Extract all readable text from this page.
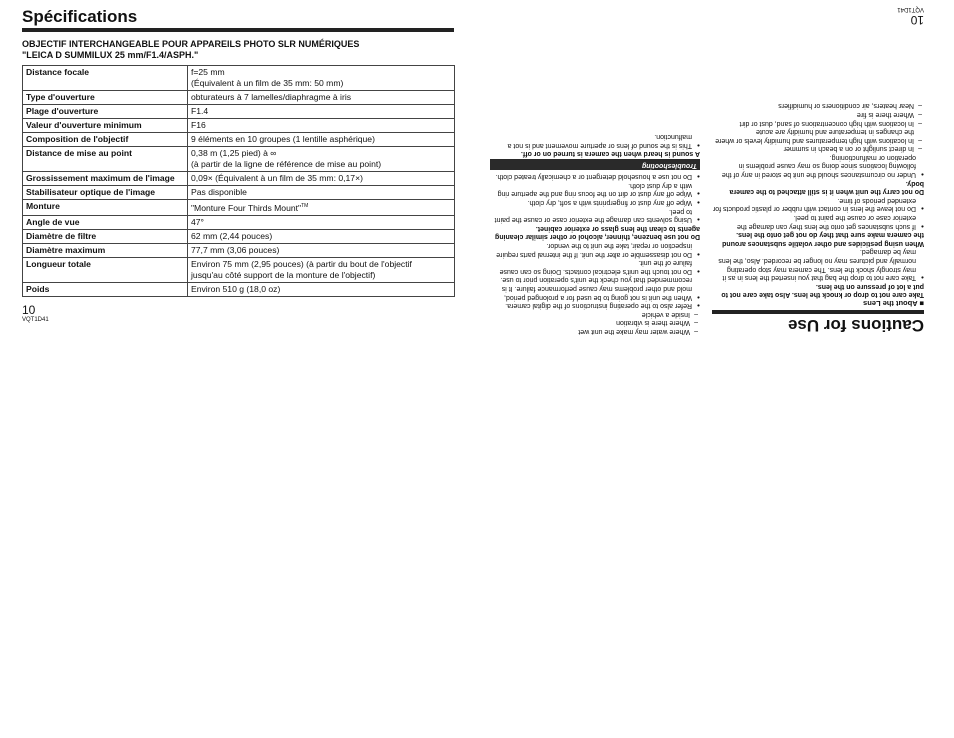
Spécifications
OBJECTIF INTERCHANGEABLE POUR APPAREILS PHOTO SLR NUMÉRIQUES
"LEICA D SUMMILUX 25 mm/F1.4/ASPH."
Distance focale	f=25 mm
(Équivalent à un film de 35 mm: 50 mm)

Type d'ouverture	obturateurs à 7 lamelles/diaphragme à iris

Plage d'ouverture	F1.4

Valeur d'ouverture minimum	F16

Composition de l'objectif	9 éléments en 10 groupes (1 lentille asphérique)

Distance de mise au point	0,38 m (1,25 pied) à ∞
(à partir de la ligne de référence de mise au point)

Grossissement maximum de l'image	0,09× (Équivalent à un film de 35 mm: 0,17×)

Stabilisateur optique de l'image	Pas disponible

Monture	"Monture Four Thirds Mount"™

Angle de vue	47°

Diamètre de filtre	62 mm (2,44 pouces)

Diamètre maximum	77,7 mm (3,06 pouces)

Longueur totale	Environ 75 mm (2,95 pouces) (à partir du bout de l'objectif
jusqu'au côté support de la monture de l'objectif)

Poids	Environ 510 g (18,0 oz)
10
VQT1D41	Cautions for Use

■ About the Lens

Take care not to drop or knock the lens. Also take care not to put a lot of pressure on the lens.

● Take care not to drop the bag that you inserted the lens in as it may strongly shock the lens. The camera may stop operating normally and pictures may no longer be recorded. Also, the lens may be damaged.

When using pesticides and other volatile substances around the camera make sure that they do not get onto the lens.

● If such substances get onto the lens they can damage the exterior case or cause the paint to peel.

● Do not leave the lens in contact with rubber or plastic products for extended periods of time.

Do not carry the unit when it is still attached to the camera body.

● Under no circumstances should the unit be stored in any of the following locations since doing so may cause problems in operation or malfunctioning.

– In direct sunlight or on a beach in summer

– In locations with high temperatures and humidity levels or where the changes in temperature and humidity are acute

– In locations with high concentrations of sand, dust or dirt

– Where there is fire

– Near heaters, air conditioners or humidifiers

– Where water may make the unit wet

– Where there is vibration

– Inside a vehicle

● Refer also to the operating instructions of the digital camera.

● When the unit is not going to be used for a prolonged period, mold and other problems may cause performance failure. It is recommended that you check the unit's operation prior to use.

● Do not touch the unit's electrical contacts. Doing so can cause failure of the unit.

● Do not disassemble or alter the unit. If the internal parts require inspection or repair, take the unit to the vendor.

Do not use benzene, thinner, alcohol or other similar cleaning agents to clean the lens glass or exterior cabinet.

● Using solvents can damage the exterior case or cause the paint to peel.

● Wipe off any dust or fingerprints with a soft, dry cloth.

● Wipe off any dust or dirt on the focus ring and the aperture ring with a dry dust cloth.

● Do not use a household detergent or a chemically treated cloth.

Troubleshooting

A sound is heard when the camera is turned on or off.

● This is the sound of lens or aperture movement and is not a malfunction.

10
VQT1D41
